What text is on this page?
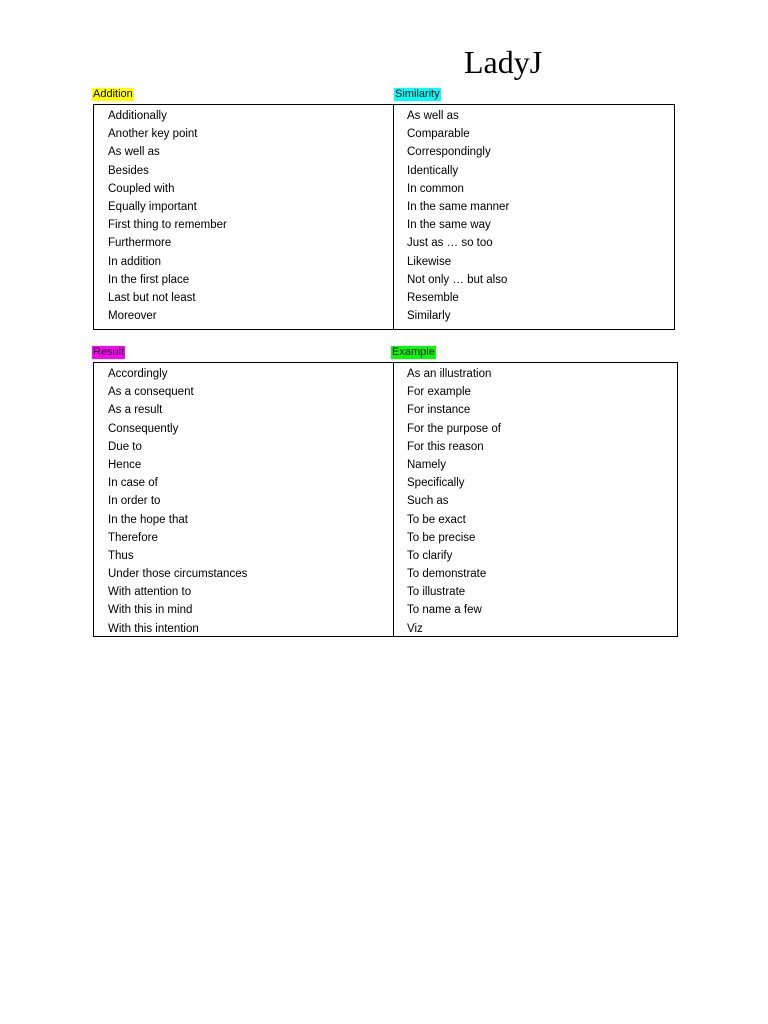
LadyJ
Addition	Similarity
Additionally
Another key point
As well as
Besides
Coupled with
Equally important
First thing to remember
Furthermore
In addition
In the first place
Last but not least
Moreover
As well as
Comparable
Correspondingly
Identically
In common
In the same manner
In the same way
Just as … so too
Likewise
Not only … but also
Resemble
Similarly
Result	Example
Accordingly
As a consequent
As a result
Consequently
Due to
Hence
In case of
In order to
In the hope that
Therefore
Thus
Under those circumstances
With attention to
With this in mind
With this intention
As an illustration
For example
For instance
For the purpose of
For this reason
Namely
Specifically
Such as
To be exact
To be precise
To clarify
To demonstrate
To illustrate
To name a few
Viz
